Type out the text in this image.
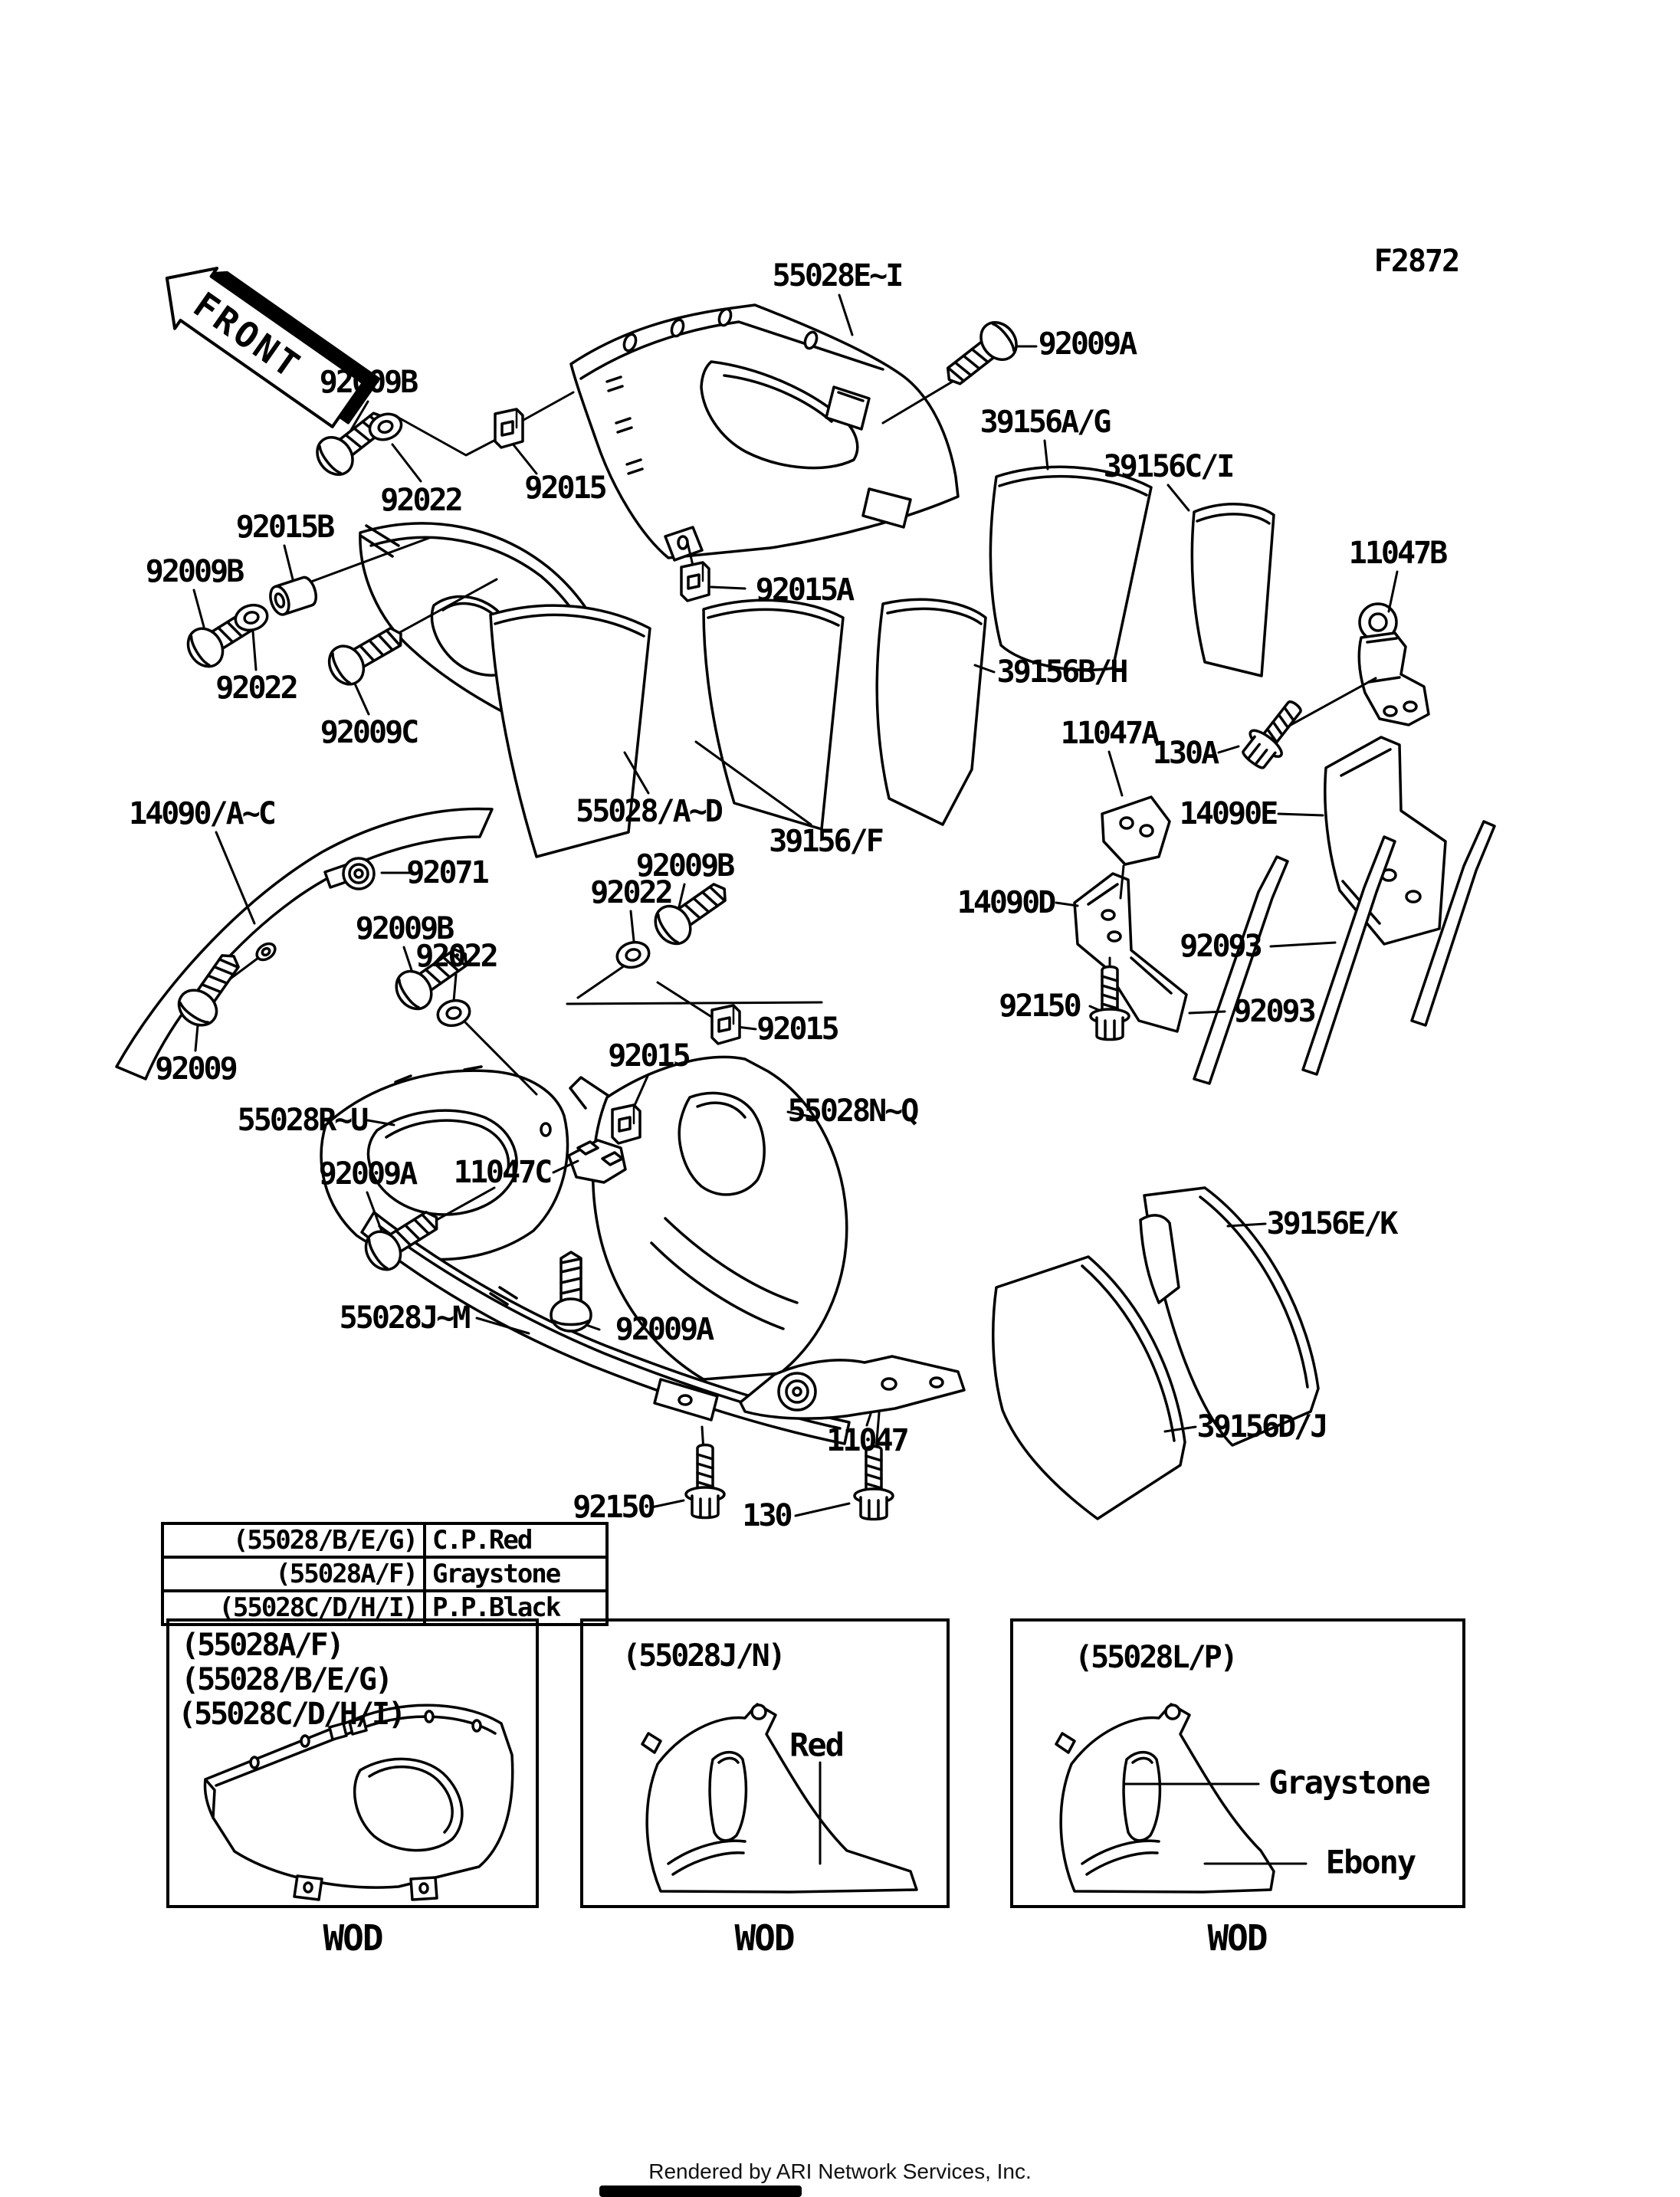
FRONT
F2872
55028E~I
92009A
92009B
92015
92022
39156A/G
39156C/I
92015B
92009B
11047B
92015A
92022
92009C
39156B/H
11047A
130A
14090/A~C	55028/A~D
39156/F
14090E
92071	92009B
92022	14090D
92093
92150	92093
92009B
92022
92015
92015
92009
55028R~U	55028N~Q
92009A 11047C
39156E/K
55028J~M	92009A
11047	39156D/J
92150	130
(55028/B/E/G)	C.P.Red
(55028A/F)	Graystone
(55028C/D/H/I)	P.P.Black
(55028A/F)
(55028/B/E/G)
(55028C/D/H/I)
(55028J/N)	(55028L/P)
Red
Graystone
Ebony
WOD	WOD	WOD
Rendered by ARI Network Services, Inc.
